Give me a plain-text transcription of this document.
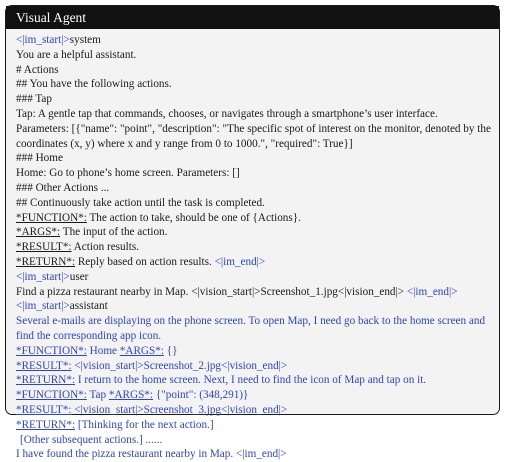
Visual Agent
<|im_start|>system
You are a helpful assistant.
# Actions
## You have the following actions.
### Tap
Tap: A gentle tap that commands, chooses, or navigates through a smartphone’s user interface. Parameters: [{"name": "point", "description": "The specific spot of interest on the monitor, denoted by the coordinates (x, y) where x and y range from 0 to 1000.", "required": True}]
### Home
Home: Go to phone’s home screen. Parameters: []
### Other Actions ...
## Continuously take action until the task is completed.
*FUNCTION*: The action to take, should be one of {Actions}.
*ARGS*: The input of the action.
*RESULT*: Action results.
*RETURN*: Reply based on action results. <|im_end|>
<|im_start|>user
Find a pizza restaurant nearby in Map. <|vision_start|>Screenshot_1.jpg<|vision_end|> <|im_end|>
<|im_start|>assistant
Several e-mails are displaying on the phone screen. To open Map, I need go back to the home screen and find the corresponding app icon.
*FUNCTION*: Home *ARGS*: {}
*RESULT*: <|vision_start|>Screenshot_2.jpg<|vision_end|>
*RETURN*: I return to the home screen. Next, I need to find the icon of Map and tap on it.
*FUNCTION*: Tap *ARGS*: {"point": (348,291)}
*RESULT*: <|vision_start|>Screenshot_3.jpg<|vision_end|>
*RETURN*: [Thinking for the next action.]
[Other subsequent actions.] ......
I have found the pizza restaurant nearby in Map. <|im_end|>
